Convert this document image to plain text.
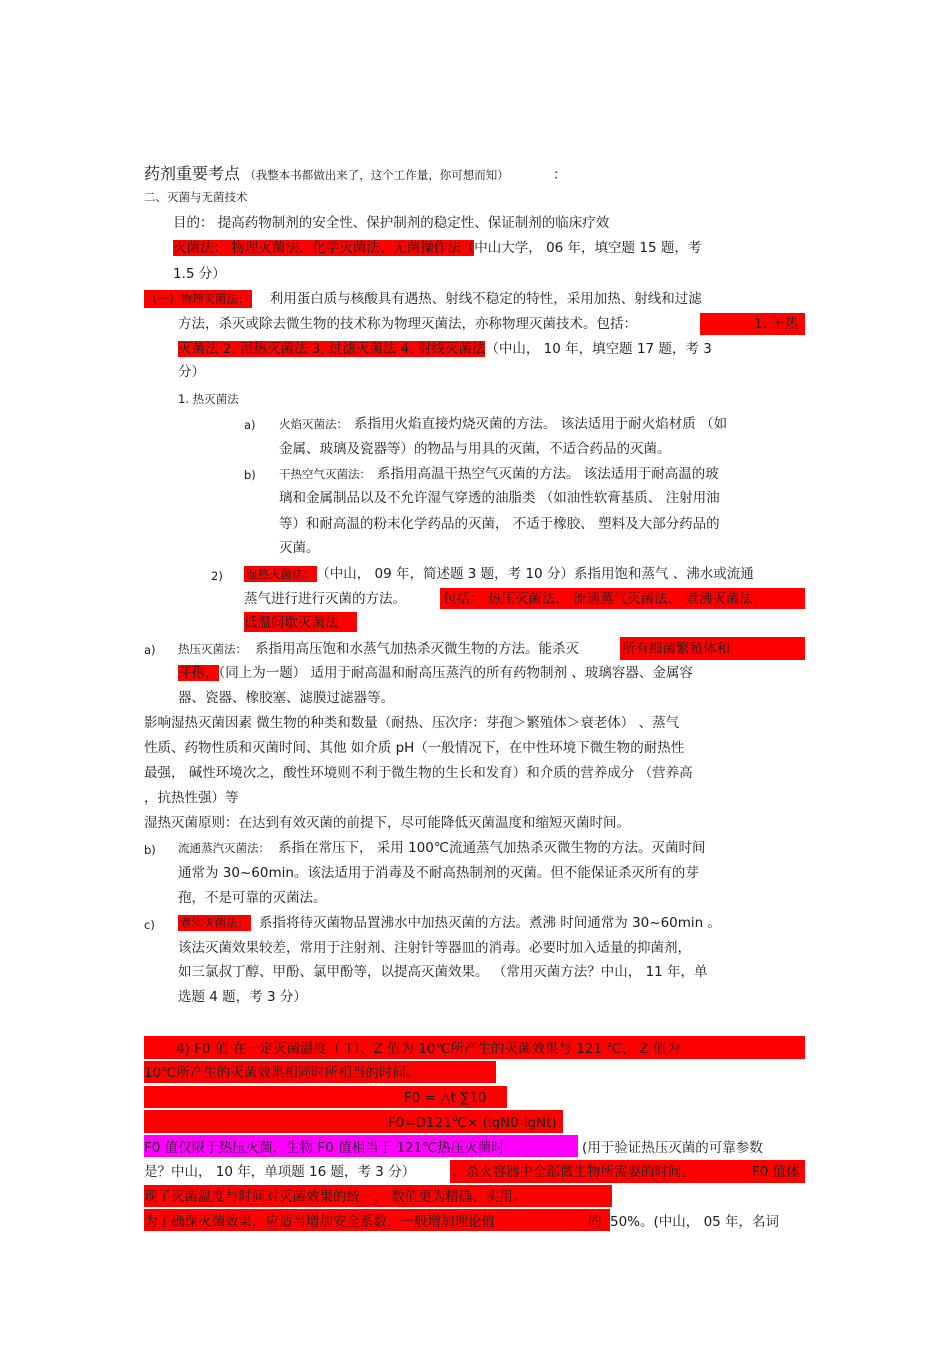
药剂重要考点 （我整本书都做出来了，这个工作量，你可想而知）	：
二、灭菌与无菌技术
目的： 提高药物制剂的安全性、保护制剂的稳定性、保证制剂的临床疗效
灭菌法： 物理灭菌法、化学灭菌法、无菌操作法（中山大学， 06 年，填空题 15 题，考
1.5 分）
（一）物理灭菌法： 利用蛋白质与核酸具有遇热、射线不稳定的特性，采用加热、射线和过滤
方法，杀灭或除去微生物的技术称为物理灭菌法，亦称物理灭菌技术。包括：	1. 干热
灭菌法 2. 湿热灭菌法 3. 过滤灭菌法 4. 射线灭菌法（中山， 10 年，填空题 17 题，考 3
分）
1. 热灭菌法
a) 火焰灭菌法： 系指用火焰直接灼烧灭菌的方法。 该法适用于耐火焰材质 （如
金属、玻璃及瓷器等）的物品与用具的灭菌，不适合药品的灭菌。
b) 干热空气灭菌法： 系指用高温干热空气灭菌的方法。 该法适用于耐高温的玻
璃和金属制品以及不允许湿气穿透的油脂类 （如油性软膏基质、 注射用油
等）和耐高温的粉末化学药品的灭菌， 不适于橡胶、 塑料及大部分药品的
灭菌。
2) 湿热灭菌法： （中山， 09 年，简述题 3 题，考 10 分）系指用饱和蒸气 、沸水或流通
蒸气进行进行灭菌的方法。	包括： 热压灭菌法、 流通蒸气灭菌法、 煮沸灭菌法、
低温间歇灭菌法
a) 热压灭菌法： 系指用高压饱和水蒸气加热杀灭微生物的方法。能杀灭	所有细菌繁殖体和
芽孢，（同上为一题） 适用于耐高温和耐高压蒸汽的所有药物制剂 、玻璃容器、金属容
器、瓷器、橡胶塞、滤膜过滤器等。
影响湿热灭菌因素 微生物的种类和数量（耐热、压次序：芽孢＞繁殖体＞衰老体） 、蒸气
性质、药物性质和灭菌时间、其他 如介质 pH（一般情况下，在中性环境下微生物的耐热性
最强， 碱性环境次之，酸性环境则不利于微生物的生长和发育）和介质的营养成分 （营养高
，抗热性强）等
湿热灭菌原则：在达到有效灭菌的前提下，尽可能降低灭菌温度和缩短灭菌时间。
b) 流通蒸汽灭菌法： 系指在常压下， 采用 100℃流通蒸气加热杀灭微生物的方法。灭菌时间
通常为 30~60min。该法适用于消毒及不耐高热制剂的灭菌。但不能保证杀灭所有的芽
孢，不是可靠的灭菌法。
c) 煮沸灭菌法： 系指将待灭菌物品置沸水中加热灭菌的方法。煮沸 时间通常为 30~60min 。
该法灭菌效果较差，常用于注射剂、注射针等器皿的消毒。必要时加入适量的抑菌剂，
如三氯叔丁醇、甲酚、氯甲酚等，以提高灭菌效果。 （常用灭菌方法？中山， 11 年，单
选题 4 题，考 3 分）
4) F0 值 在一定灭菌温度（ T）、Z 值为 10℃所产生的灭菌效果与 121 ℃、 Z 值为
10℃所产生的灭菌效果相同时所相当的时间。
F0 = △t ∑10
F0=D121℃× (lgN0-lgNt)
F0 值仅限于热压灭菌，生物 F0 值相当于 121℃热压灭菌时	(用于验证热压灭菌的可靠参数
是？中山， 10 年，单项题 16 题，考 3 分）	，杀灭容器中全部微生物所需要的时间。	F0 值体
现了灭菌温度与时间对灭菌效果的统一， 数值更为精确、实用。
为了确保灭菌效果，应适当增加安全系数，一般增加理论值	的 50%。(中山， 05 年，名词
